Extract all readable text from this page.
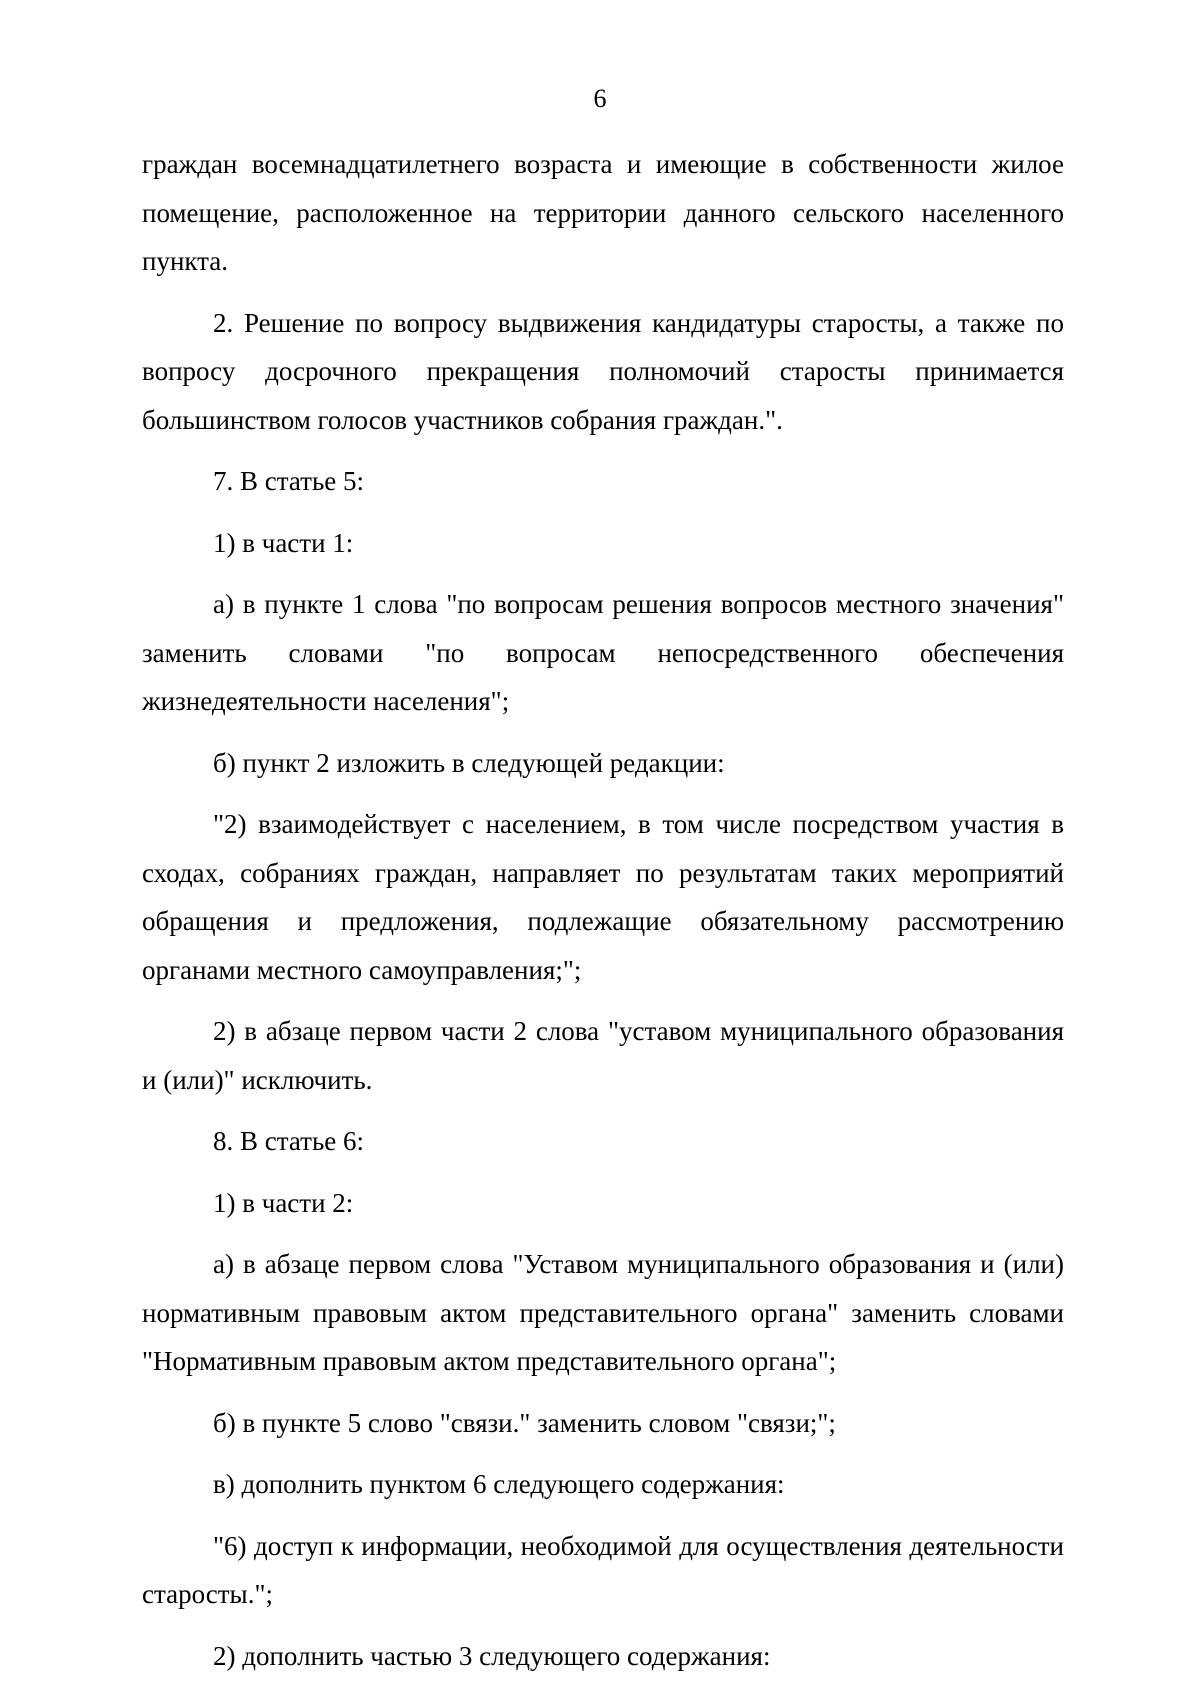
6

граждан восемнадцатилетнего возраста и имеющие в собственности жилое помещение, расположенное на территории данного сельского населенного пункта.

2. Решение по вопросу выдвижения кандидатуры старосты, а также по вопросу досрочного прекращения полномочий старосты принимается большинством голосов участников собрания граждан.".

7. В статье 5:

1) в части 1:

а) в пункте 1 слова "по вопросам решения вопросов местного значения" заменить словами "по вопросам непосредственного обеспечения жизнедеятельности населения";

б) пункт 2 изложить в следующей редакции:

"2) взаимодействует с населением, в том числе посредством участия в сходах, собраниях граждан, направляет по результатам таких мероприятий обращения и предложения, подлежащие обязательному рассмотрению органами местного самоуправления;";

2) в абзаце первом части 2 слова "уставом муниципального образования и (или)" исключить.

8. В статье 6:

1) в части 2:

а) в абзаце первом слова "Уставом муниципального образования и (или) нормативным правовым актом представительного органа" заменить словами "Нормативным правовым актом представительного органа";

б) в пункте 5 слово "связи." заменить словом "связи;";

в) дополнить пунктом 6 следующего содержания:

"6) доступ к информации, необходимой для осуществления деятельности старосты.";

2) дополнить частью 3 следующего содержания:
